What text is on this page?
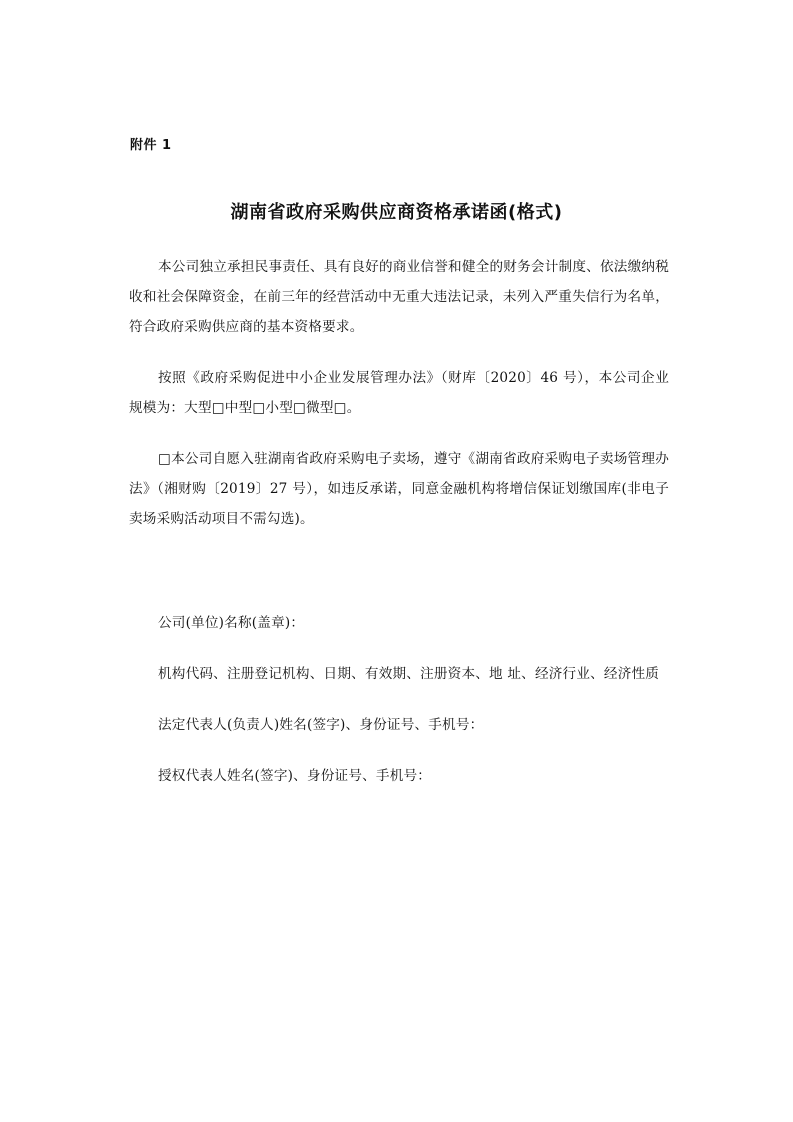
附件 1
湖南省政府采购供应商资格承诺函(格式)

本公司独立承担民事责任、具有良好的商业信誉和健全的财务会计制度、依法缴纳税收和社会保障资金，在前三年的经营活动中无重大违法记录，未列入严重失信行为名单，符合政府采购供应商的基本资格要求。

按照《政府采购促进中小企业发展管理办法》（财库〔2020〕46 号），本公司企业规模为：大型□中型□小型□微型□。

□本公司自愿入驻湖南省政府采购电子卖场，遵守《湖南省政府采购电子卖场管理办法》（湘财购〔2019〕27 号），如违反承诺，同意金融机构将增信保证划缴国库(非电子卖场采购活动项目不需勾选)。

公司(单位)名称(盖章)：
机构代码、注册登记机构、日期、有效期、注册资本、地 址、经济行业、经济性质
法定代表人(负责人)姓名(签字)、身份证号、手机号：
授权代表人姓名(签字)、身份证号、手机号：
